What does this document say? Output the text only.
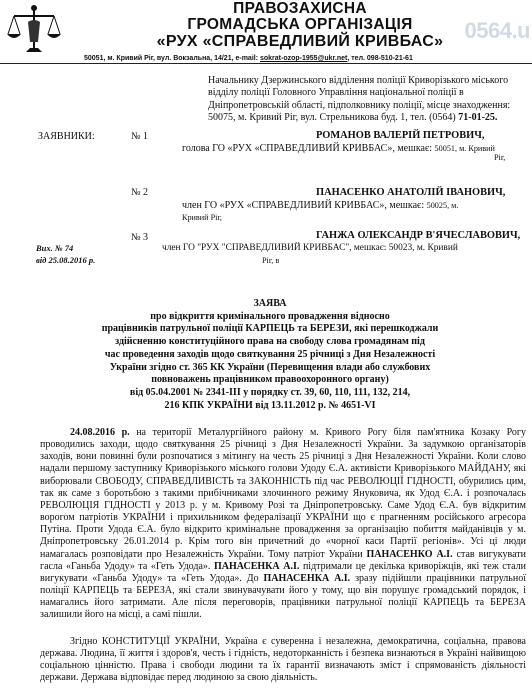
ПРАВОЗАХИСНА
ГРОМАДСЬКА ОРГАНІЗАЦІЯ
«РУХ «СПРАВЕДЛИВИЙ КРИВБАС» 0564.u
50051, м. Кривий Ріг, вул. Вокзальна, 14/21, e-mail: sokrat-ozop-1955@ukr.net, тел. 098-510-21-61
Начальнику Дзержинського відділення поліції Криворізького міського
відділу поліції Головного Управління національної поліції в
Дніпропетровській області, підполковнику поліції, місце знаходження:
50075, м. Кривий Ріг, вул. Стрельникова буд. 1, тел. (0564) 71-01-25.
ЗАЯВНИКИ:	№ 1	РОМАНОВ ВАЛЕРІЙ ПЕТРОВИЧ,
голова ГО «РУХ «СПРАВЕДЛИВИЙ КРИВБАС», мешкає: 50051, м. Кривий
Ріг,
№ 2	ПАНАСЕНКО АНАТОЛІЙ ІВАНОВИЧ,
член ГО «РУХ «СПРАВЕДЛИВИЙ КРИВБАС», мешкає: 50025, м.
Кривий Ріг,
№ 3	ГАНЖА ОЛЕКСАНДР В'ЯЧЕСЛАВОВИЧ,
член ГО "РУХ "СПРАВЕДЛИВИЙ КРИВБАС", мешкає: 50023, м. Кривий
Ріг, в
Вих. № 74
від 25.08.2016 р.
ЗАЯВА
про відкриття кримінального провадження відносно
працівників патрульної поліції КАРПЕЦЬ та БЕРЕЗИ, які перешкоджали
здійсненню конституційного права на свободу слова громадянам під
час проведення заходів щодо святкування 25 річниці з Дня Незалежності
України згідно ст. 365 КК України (Перевищення влади або службових
повноважень працівником правоохоронного органу)
від 05.04.2001 № 2341-III у порядку ст. 39, 60, 110, 111, 132, 214,
216 КПК УКРАЇНИ від 13.11.2012 р. № 4651-VI

24.08.2016 р. на території Металургійного району м. Кривого Рогу біля пам'ятника Козаку Рогу проводились заходи, щодо святкування 25 річниці з Дня Незалежності України. За задумкою організаторів заходів, вони повинні були розпочатися з мітингу на честь 25 річниці з Дня Незалежності України. Коли слово надали першому заступнику Криворізького міського голови Удоду Є.А. активісти Криворізького МАЙДАНУ, які виборювали СВОБОДУ, СПРАВЕДЛИВІСТЬ та ЗАКОННІСТЬ під час РЕВОЛЮЦІЇ ГІДНОСТІ, обурились цим, так як саме з боротьбою з такими прибічниками злочинного режиму Януковича, як Удод Є.А. і розпочалась РЕВОЛЮЦІЯ ГІДНОСТІ у 2013 р. у м. Кривому Розі та Дніпропетровську. Саме Удод Є.А. був відкритим ворогом патріотів УКРАЇНИ і прихильником федералізації УКРАЇНИ що є прагненням російського агресора Путіна. Проти Удода Є.А. було відкрито кримінальне провадження за організацію побиття майданівців у м. Дніпропетровську 26.01.2014 р. Крім того він причетний до «чорної каси Партії регіонів». Усі ці люди намагалась розповідати про Незалежність України. Тому патріот України ПАНАСЕНКО А.І. став вигукувати гасла «Ганьба Удоду» та «Геть Удода». ПАНАСЕНКА А.І. підтримали це декілька криворіжців, які теж стали вигукувати «Ганьба Удоду» та «Геть Удода». До ПАНАСЕНКА А.І. зразу підійшли працівники патрульної поліції КАРПЕЦЬ та БЕРЕЗА, які стали звинувачувати його у тому, що він порушує громадський порядок, і намагались його затримати. Але після переговорів, працівники патрульної поліції КАРПЕЦЬ та БЕРЕЗА залишили його на місці, а самі пішли.

Згідно КОНСТИТУЦІЇ УКРАЇНИ, Україна є суверенна і незалежна, демократична, соціальна, правова держава. Людина, її життя і здоров'я, честь і гідність, недоторканність і безпека визнаються в Україні найвищою соціальною цінністю. Права і свободи людини та їх гарантії визначають зміст і спрямованість діяльності держави. Держава відповідає перед людиною за свою діяльність.
